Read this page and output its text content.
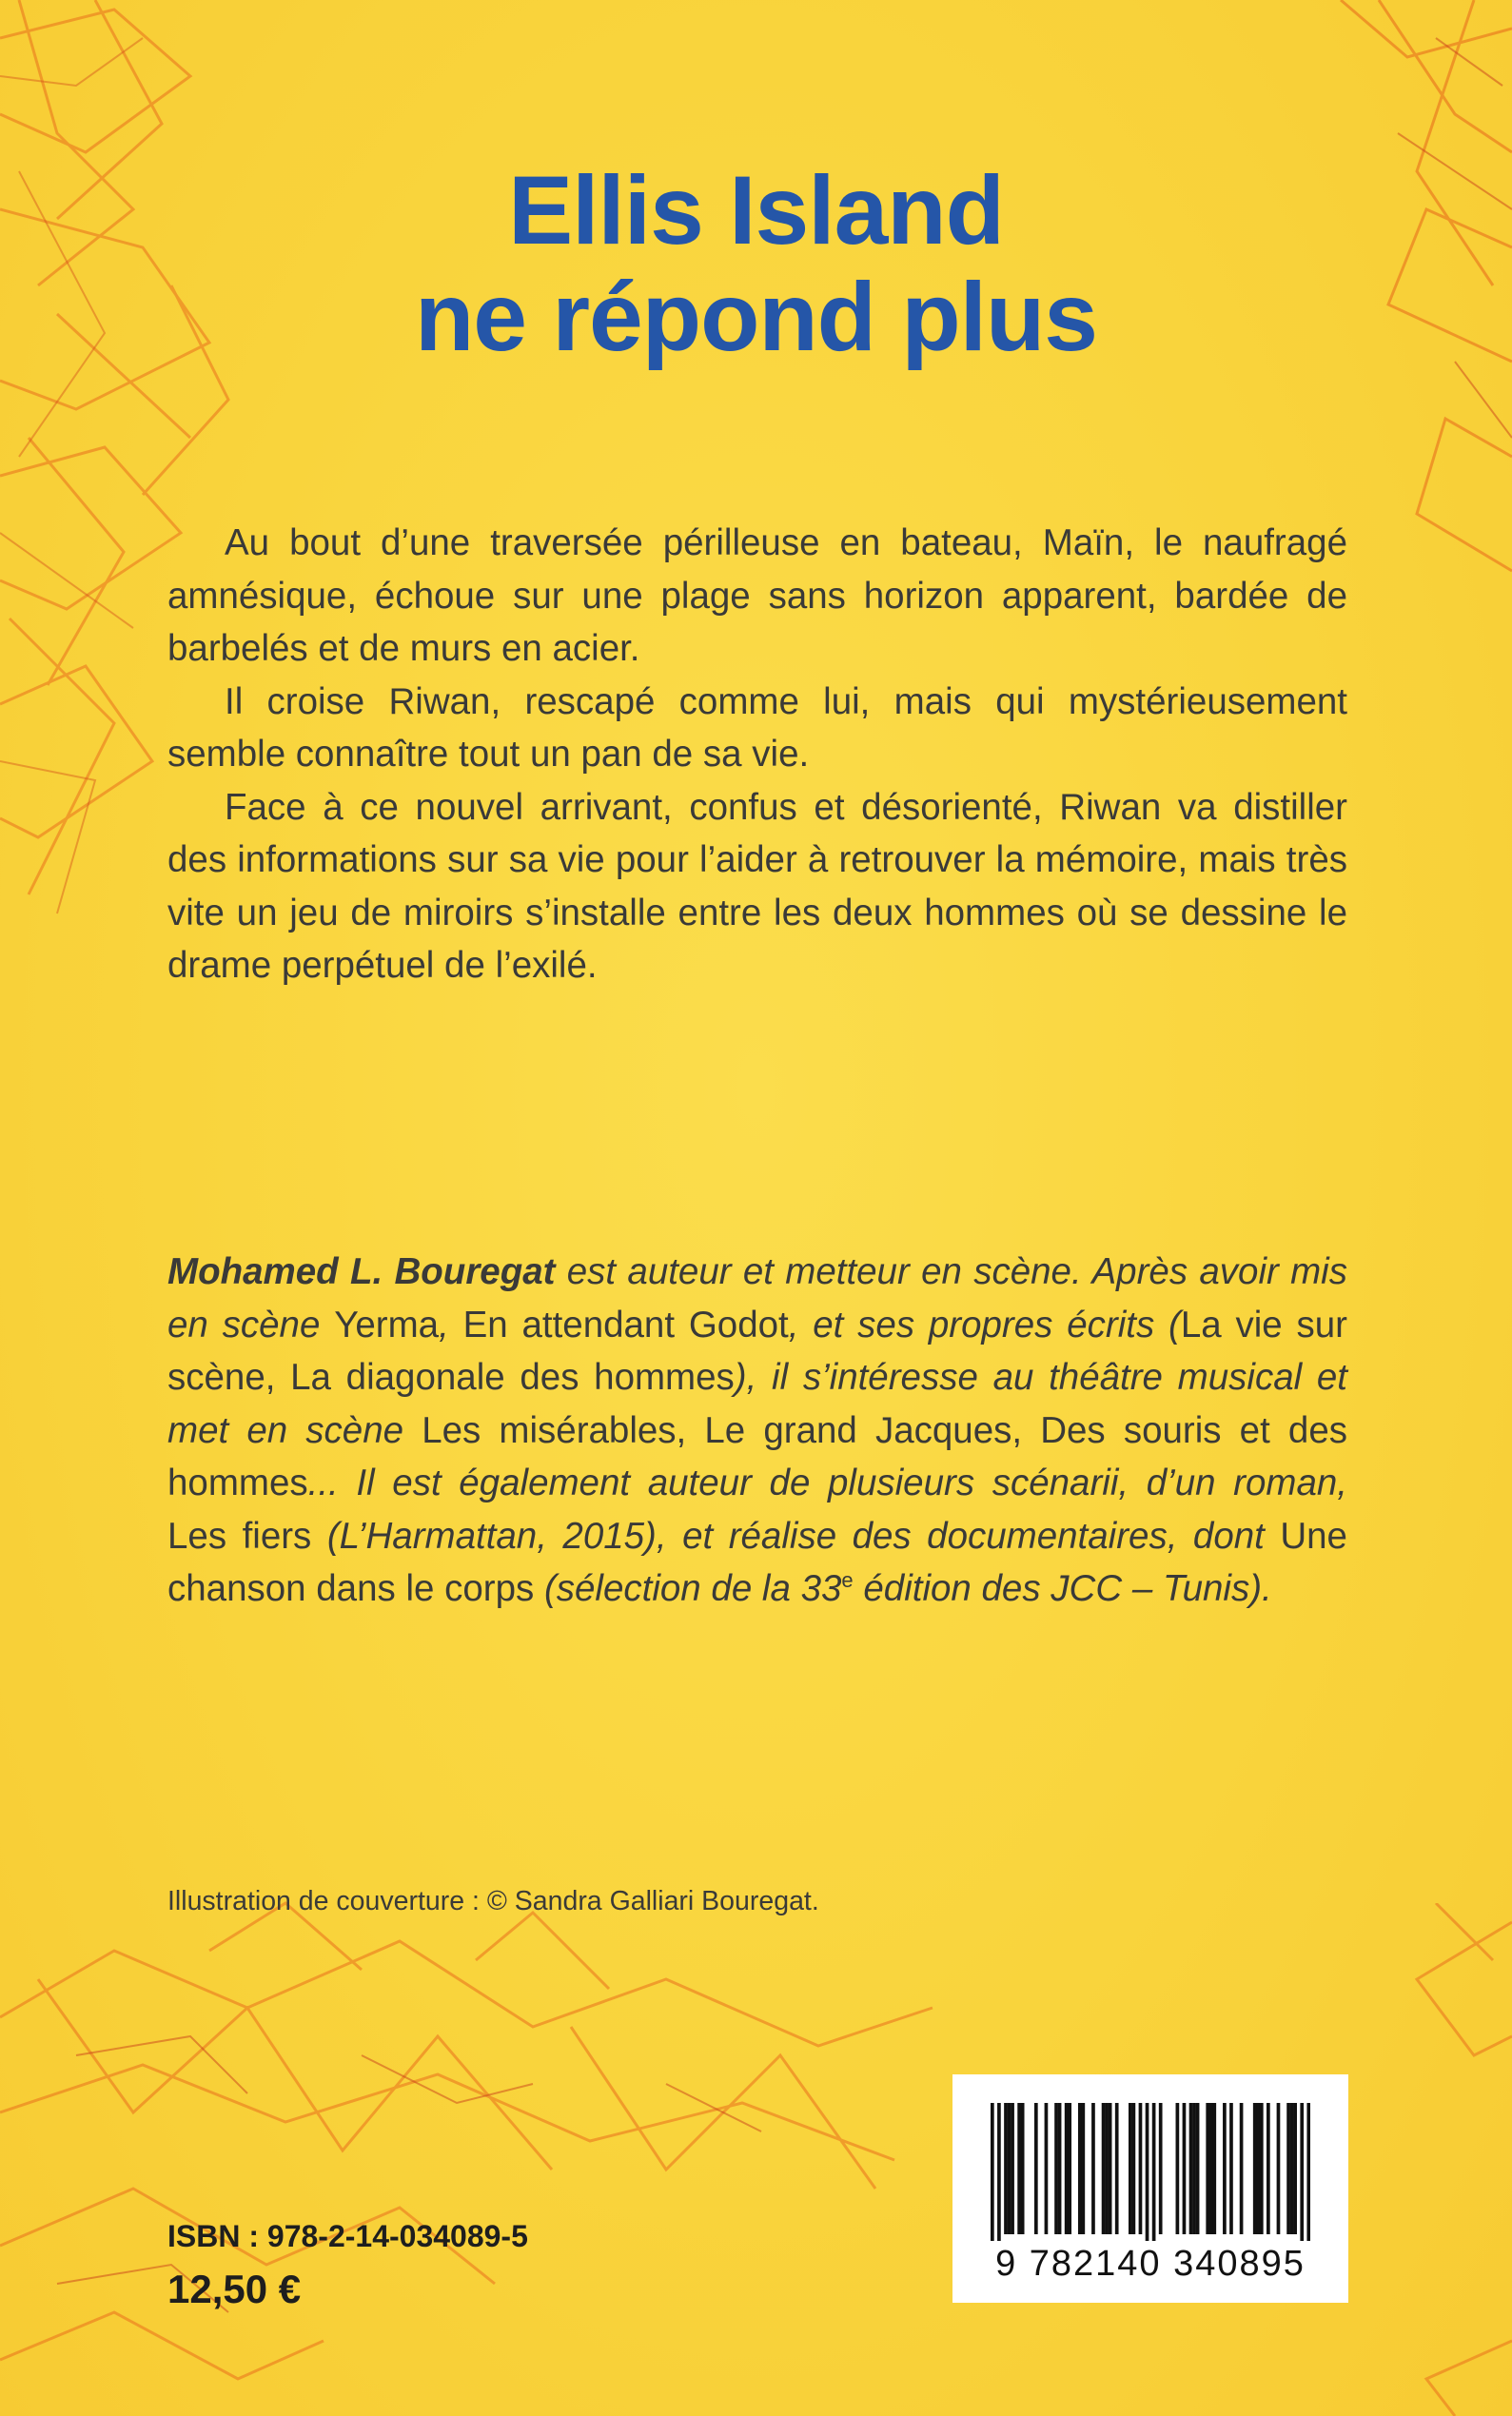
Ellis Island
ne répond plus

Au bout d’une traversée périlleuse en bateau, Maïn, le naufragé amnésique, échoue sur une plage sans horizon apparent, bardée de barbelés et de murs en acier.

Il croise Riwan, rescapé comme lui, mais qui mystérieusement semble connaître tout un pan de sa vie.

Face à ce nouvel arrivant, confus et désorienté, Riwan va distiller des informations sur sa vie pour l’aider à retrouver la mémoire, mais très vite un jeu de miroirs s’installe entre les deux hommes où se dessine le drame perpétuel de l’exilé.

Mohamed L. Bouregat est auteur et metteur en scène. Après avoir mis en scène Yerma, En attendant Godot, et ses propres écrits (La vie sur scène, La diagonale des hommes), il s’intéresse au théâtre musical et met en scène Les misérables, Le grand Jacques, Des souris et des hommes... Il est également auteur de plusieurs scénarii, d’un roman, Les fiers (L’Harmattan, 2015), et réalise des documentaires, dont Une chanson dans le corps (sélection de la 33e édition des JCC – Tunis).

Illustration de couverture : © Sandra Galliari Bouregat.

ISBN : 978-2-14-034089-5
12,50 €
9 782140 340895
